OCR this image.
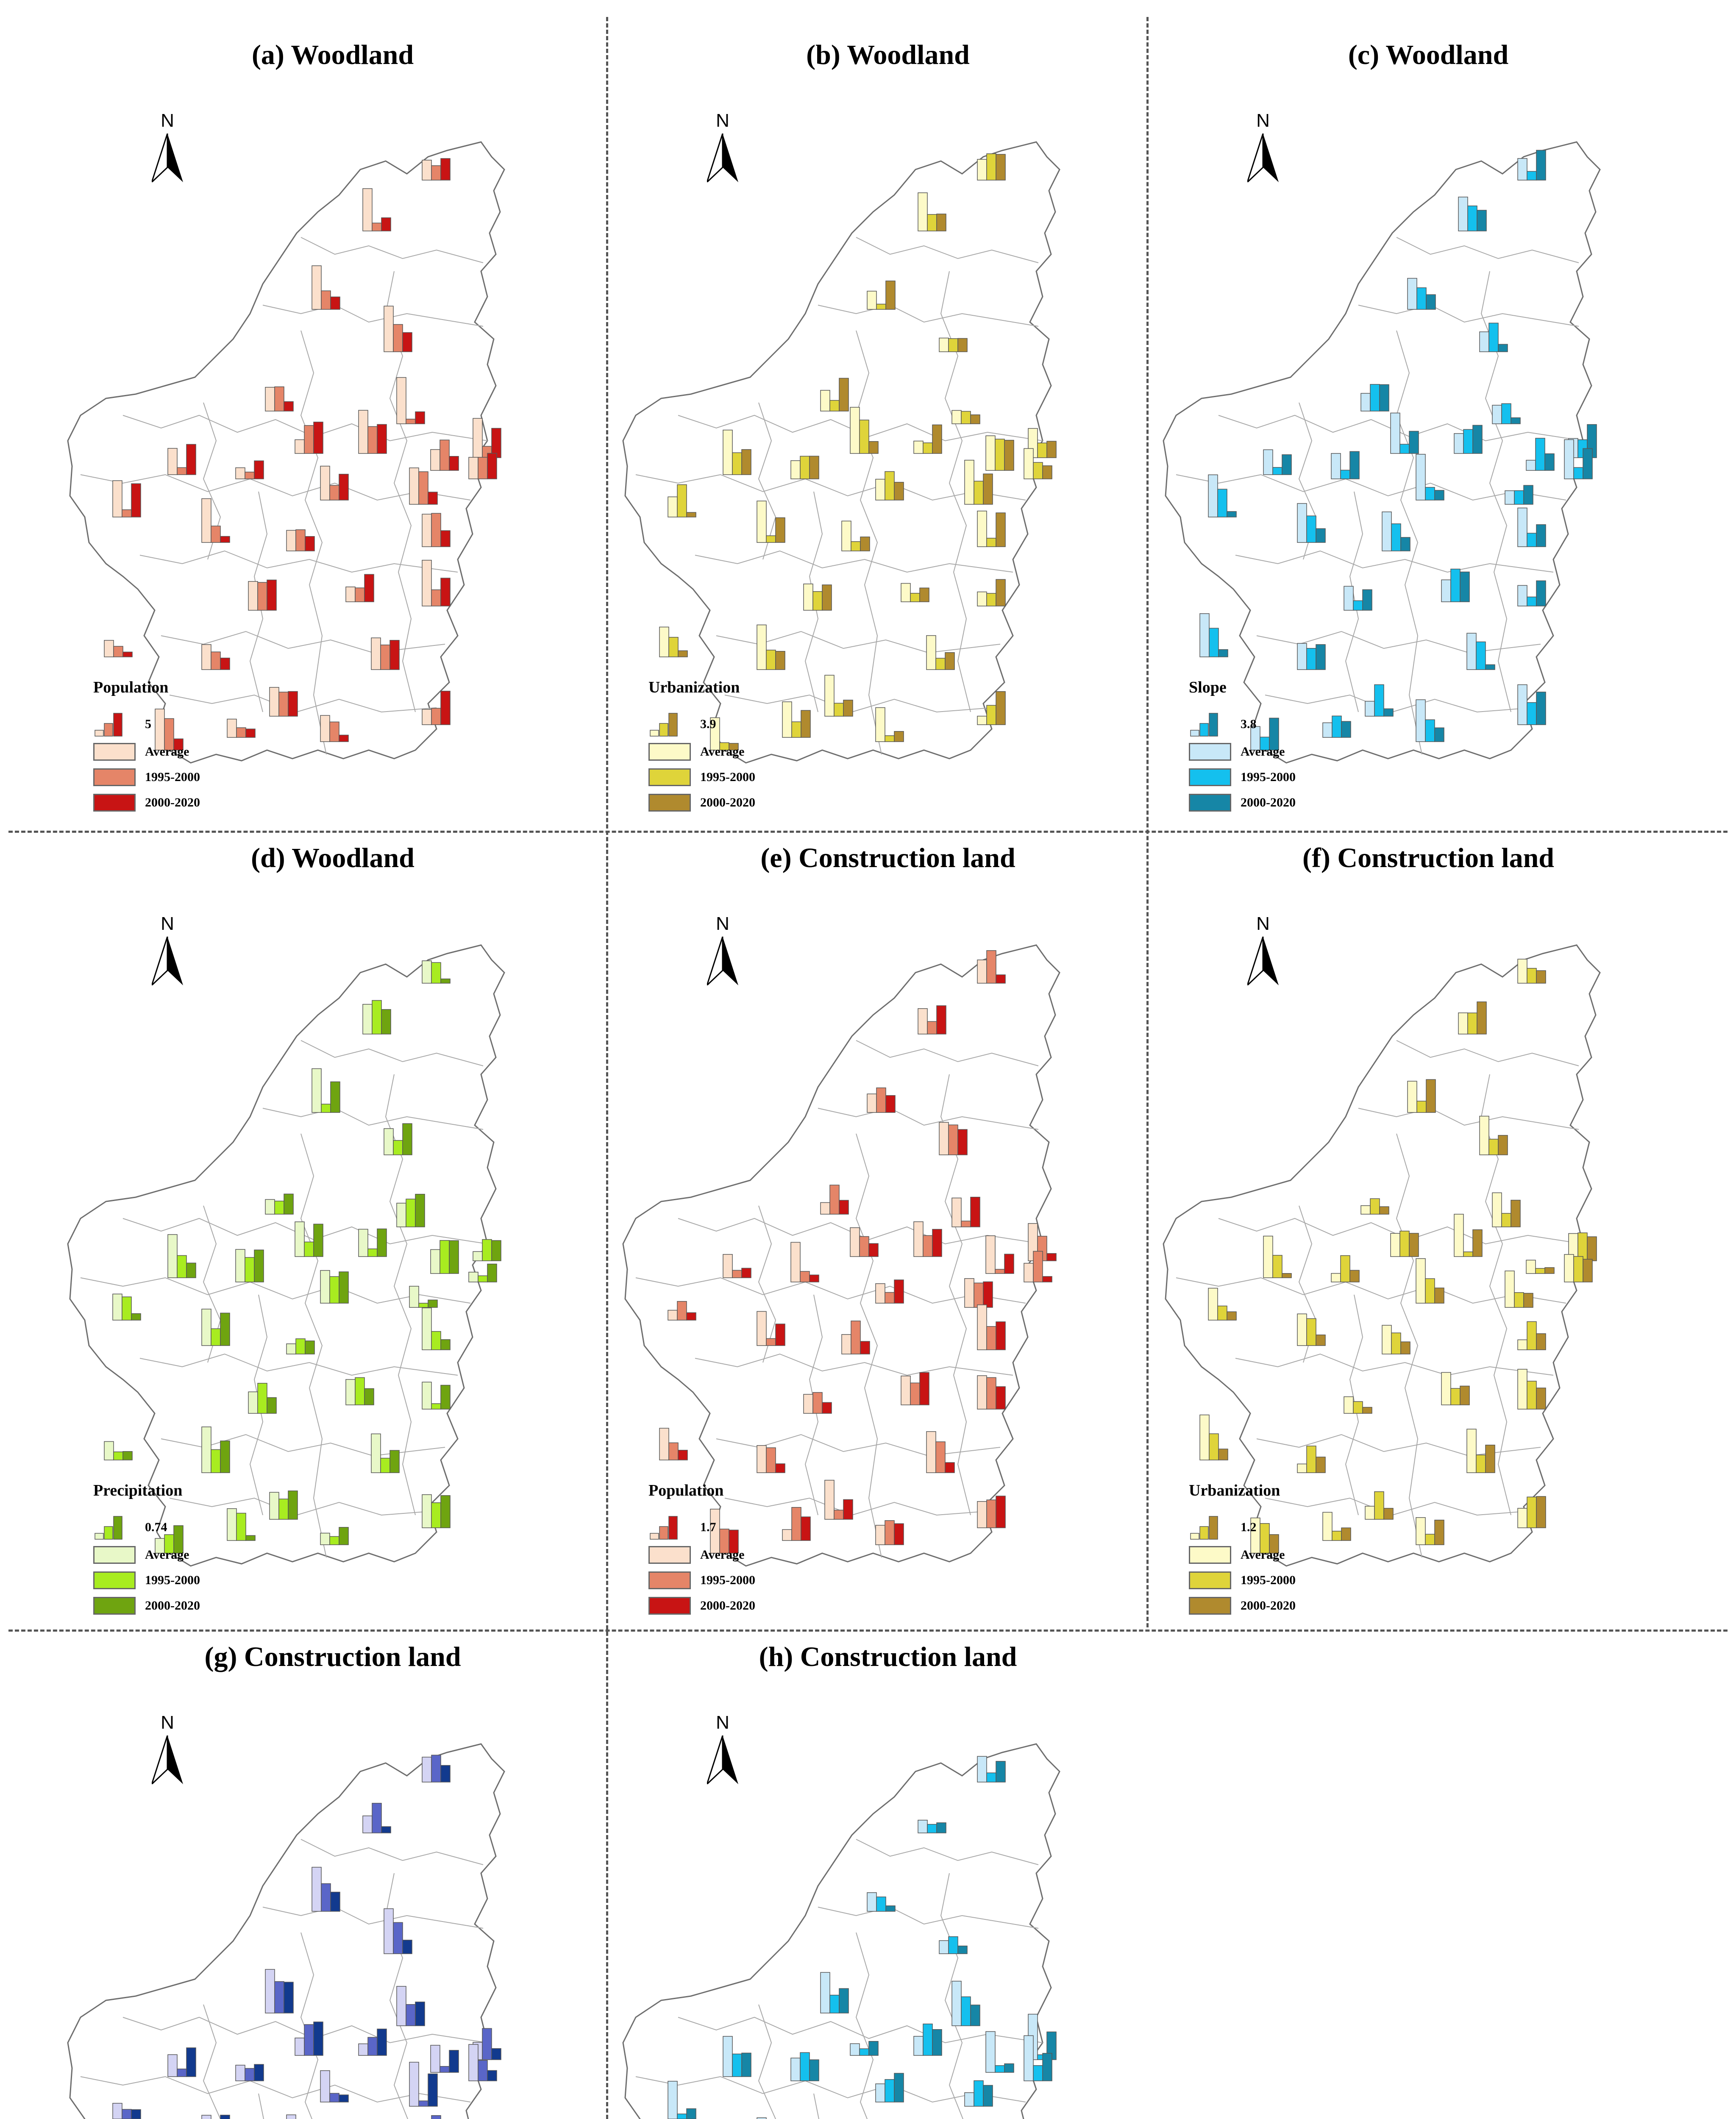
(a) Woodland
N
Population
5
Average
1995-2000
2000-2020
(b) Woodland
N
Urbanization
3.9
Average
1995-2000
2000-2020
(c) Woodland
N
Slope
3.8
Average
1995-2000
2000-2020
(d) Woodland
N
Precipitation
0.74
Average
1995-2000
2000-2020
(e) Construction land
N
Population
1.7
Average
1995-2000
2000-2020
(f) Construction land
N
Urbanization
1.2
Average
1995-2000
2000-2020
(g) Construction land
N
(h) Construction land
N
